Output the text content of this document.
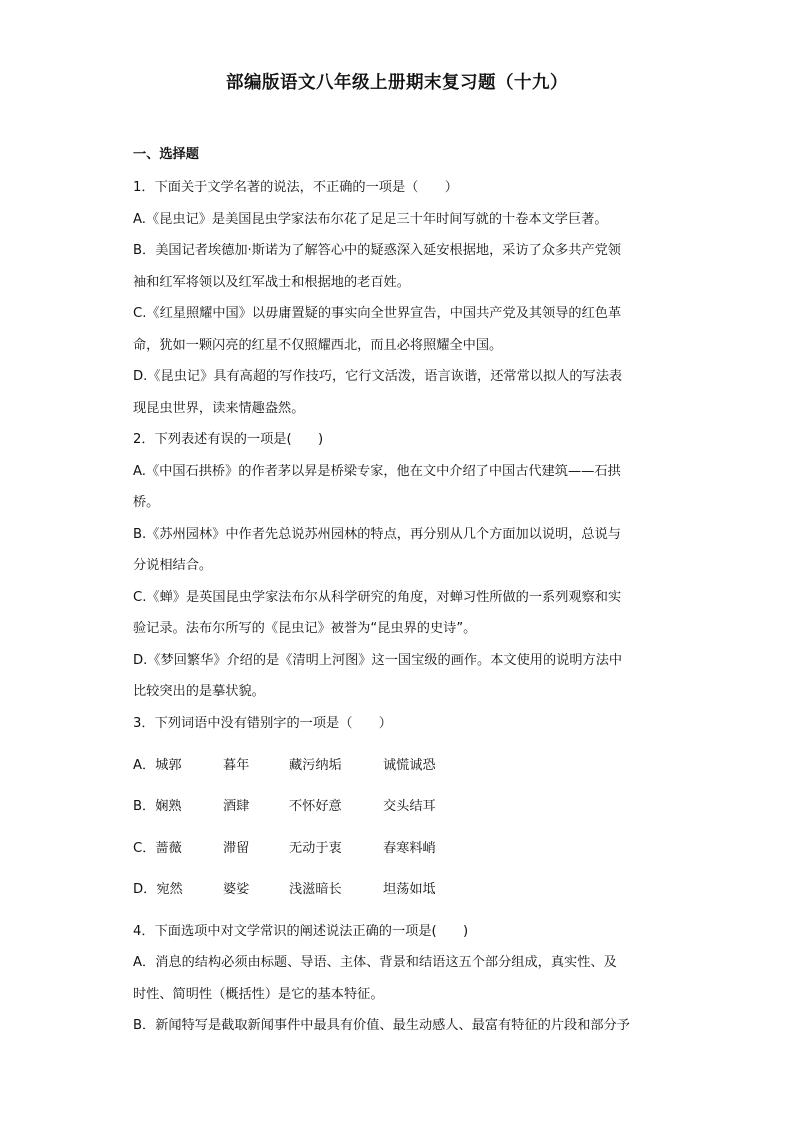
部编版语文八年级上册期末复习题（十九）
一、选择题
1．下面关于文学名著的说法，不正确的一项是（　　）
A.《昆虫记》是美国昆虫学家法布尔花了足足三十年时间写就的十卷本文学巨著。
B．美国记者埃德加·斯诺为了解答心中的疑惑深入延安根据地，采访了众多共产党领
袖和红军将领以及红军战士和根据地的老百姓。
C.《红星照耀中国》以毋庸置疑的事实向全世界宣告，中国共产党及其领导的红色革
命，犹如一颗闪亮的红星不仅照耀西北，而且必将照耀全中国。
D.《昆虫记》具有高超的写作技巧，它行文活泼，语言诙谐，还常常以拟人的写法表
现昆虫世界，读来情趣盎然。
2．下列表述有误的一项是(　　)
A.《中国石拱桥》的作者茅以昇是桥梁专家，他在文中介绍了中国古代建筑——石拱
桥。
B.《苏州园林》中作者先总说苏州园林的特点，再分别从几个方面加以说明，总说与
分说相结合。
C.《蝉》是英国昆虫学家法布尔从科学研究的角度，对蝉习性所做的一系列观察和实
验记录。法布尔所写的《昆虫记》被誉为“昆虫界的史诗”。
D.《梦回繁华》介绍的是《清明上河图》这一国宝级的画作。本文使用的说明方法中
比较突出的是摹状貌。
3．下列词语中没有错别字的一项是（　　）
A．城郭	暮年	藏污纳垢	诚慌诚恐
B．娴熟	酒肆	不怀好意	交头结耳
C．蔷薇	滞留	无动于衷	春寒料峭
D．宛然	婆娑	浅滋暗长	坦荡如坻
4．下面选项中对文学常识的阐述说法正确的一项是(　　)
A．消息的结构必须由标题、导语、主体、背景和结语这五个部分组成，真实性、及
时性、简明性（概括性）是它的基本特征。
B．新闻特写是截取新闻事件中最具有价值、最生动感人、最富有特征的片段和部分予
